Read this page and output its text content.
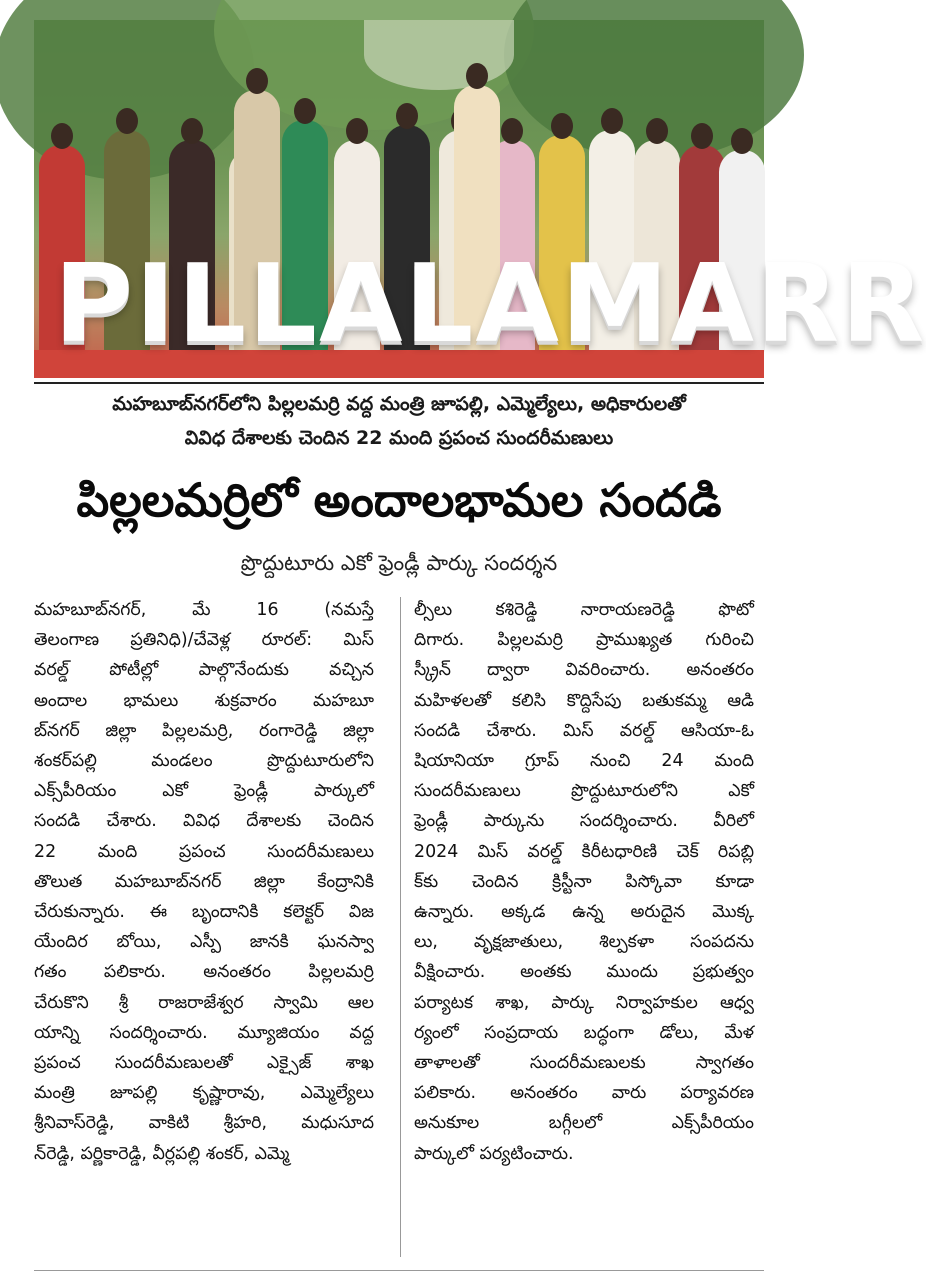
PILLALAMARR
మహబూబ్‌నగర్‌లోని పిల్లలమర్రి వద్ద మంత్రి జూపల్లి, ఎమ్మెల్యేలు, అధికారులతో
వివిధ దేశాలకు చెందిన 22 మంది ప్రపంచ సుందరీమణులు
పిల్లలమర్రిలో అందాలభామల సందడి
ప్రొద్దుటూరు ఎకో ఫ్రెండ్లీ పార్కు సందర్శన
మహబూబ్‌నగర్, మే 16 (నమస్తే
తెలంగాణ ప్రతినిధి)/చేవెళ్ల రూరల్: మిస్
వరల్డ్ పోటీల్లో పాల్గొనేందుకు వచ్చిన
అందాల భామలు శుక్రవారం మహబూ
బ్‌నగర్ జిల్లా పిల్లలమర్రి, రంగారెడ్డి జిల్లా
శంకర్‌పల్లి మండలం ప్రొద్దుటూరులోని
ఎక్స్‌పీరియం ఎకో ఫ్రెండ్లీ పార్కులో
సందడి చేశారు. వివిధ దేశాలకు చెందిన
22 మంది ప్రపంచ సుందరీమణులు
తొలుత మహబూబ్‌నగర్ జిల్లా కేంద్రానికి
చేరుకున్నారు. ఈ బృందానికి కలెక్టర్ విజ
యేందిర బోయి, ఎస్పీ జానకి ఘనస్వా
గతం పలికారు. అనంతరం పిల్లలమర్రి
చేరుకొని శ్రీ రాజరాజేశ్వర స్వామి ఆల
యాన్ని సందర్శించారు. మ్యూజియం వద్ద
ప్రపంచ సుందరీమణులతో ఎక్సైజ్ శాఖ
మంత్రి జూపల్లి కృష్ణారావు, ఎమ్మెల్యేలు
శ్రీనివాస్‌రెడ్డి, వాకిటి శ్రీహరి, మధుసూద
న్‌రెడ్డి, పర్ణికారెడ్డి, వీర్లపల్లి శంకర్, ఎమ్మె
ల్సీలు కశిరెడ్డి నారాయణరెడ్డి ఫొటో
దిగారు. పిల్లలమర్రి ప్రాముఖ్యత గురించి
స్క్రీన్ ద్వారా వివరించారు. అనంతరం
మహిళలతో కలిసి కొద్దిసేపు బతుకమ్మ ఆడి
సందడి చేశారు. మిస్ వరల్డ్ ఆసియా-ఓ
షియానియా గ్రూప్ నుంచి 24 మంది
సుందరీమణులు ప్రొద్దుటూరులోని ఎకో
ఫ్రెండ్లీ పార్కును సందర్శించారు. వీరిలో
2024 మిస్ వరల్డ్ కిరీటధారిణి చెక్ రిపబ్లి
క్‌కు చెందిన క్రిస్టీనా పిస్కోవా కూడా
ఉన్నారు. అక్కడ ఉన్న అరుదైన మొక్క
లు, వృక్షజాతులు, శిల్పకళా సంపదను
వీక్షించారు. అంతకు ముందు ప్రభుత్వం
పర్యాటక శాఖ, పార్కు నిర్వాహకుల ఆధ్వ
ర్యంలో సంప్రదాయ బద్ధంగా డోలు, మేళ
తాళాలతో సుందరీమణులకు స్వాగతం
పలికారు. అనంతరం వారు పర్యావరణ
అనుకూల బగ్గీలలో ఎక్స్‌పీరియం
పార్కులో పర్యటించారు.
